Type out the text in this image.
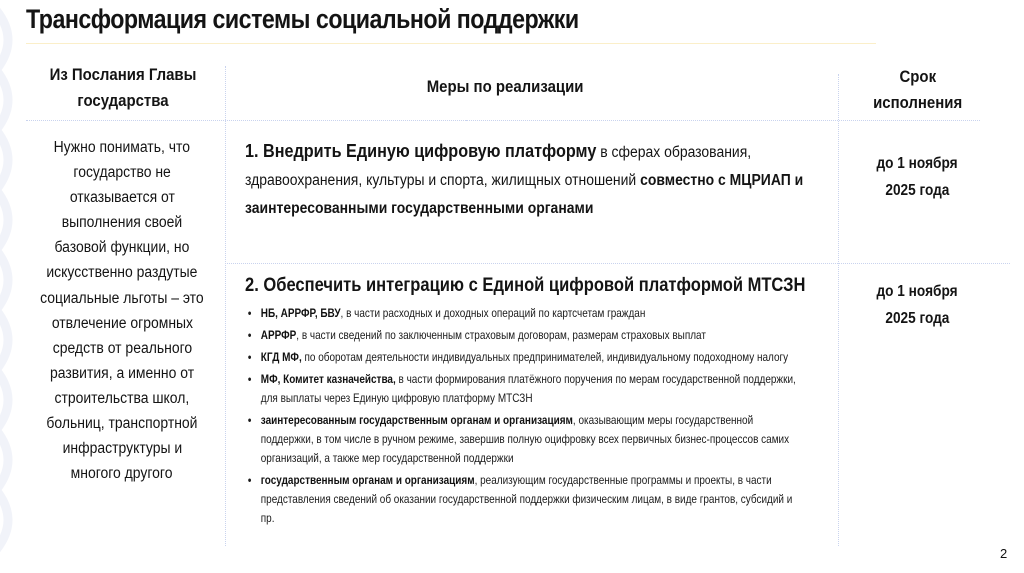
Трансформация системы социальной поддержки
Из Послания Главы государства
Меры по реализации
Срок
исполнения
Нужно понимать, что
государство не
отказывается от
выполнения своей
базовой функции, но
искусственно раздутые
социальные льготы – это
отвлечение огромных
средств от реального
развития, а именно от
строительства школ,
больниц, транспортной
инфраструктуры и
многого другого
1. Внедрить Единую цифровую платформу в сферах образования, здравоохранения, культуры и спорта, жилищных отношений совместно с МЦРИАП и заинтересованными государственными органами
до 1 ноября
2025 года
2. Обеспечить интеграцию с Единой цифровой платформой МТСЗН
• НБ, АРРФР, БВУ, в части расходных и доходных операций по картсчетам граждан
• АРРФР, в части сведений по заключенным страховым договорам, размерам страховых выплат
• КГД МФ, по оборотам деятельности индивидуальных предпринимателей, индивидуальному подоходному налогу
• МФ, Комитет казначейства, в части формирования платёжного поручения по мерам государственной поддержки, для выплаты через Единую цифровую платформу МТСЗН
• заинтересованным государственным органам и организациям, оказывающим меры государственной поддержки, в том числе в ручном режиме, завершив полную оцифровку всех первичных бизнес-процессов самих организаций, а также мер государственной поддержки
• государственным органам и организациям, реализующим государственные программы и проекты, в части представления сведений об оказании государственной поддержки физическим лицам, в виде грантов, субсидий и пр.
до 1 ноября
2025 года
2
